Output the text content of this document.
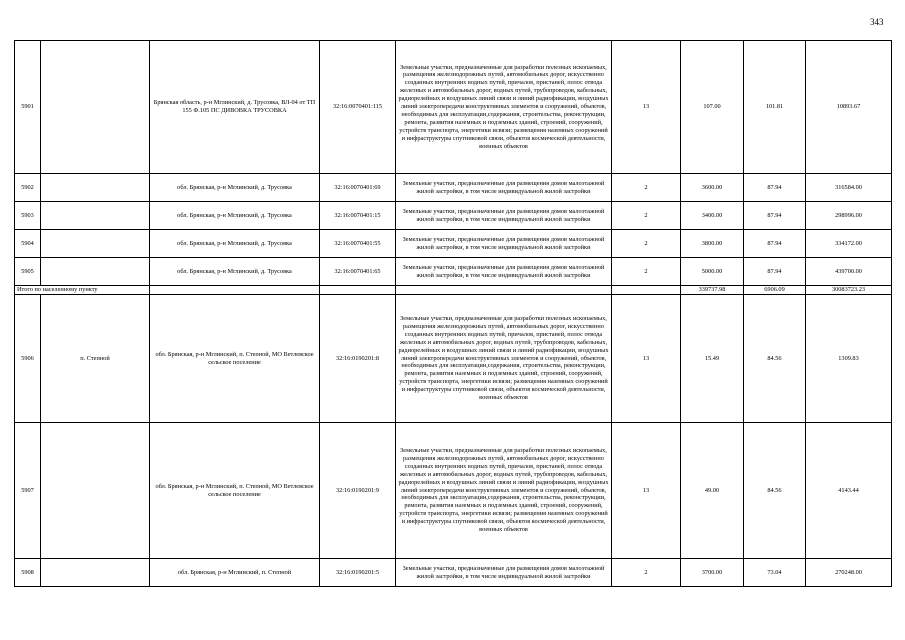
343
5901		Брянская область, р-н Мглинский, д. Трусовка, ВЛ-04 от ТП 155 Ф.105 ПС ДИВОВКА ТРУСОВКА	32:16:0070401:115	Земельные участки, предназначенные для разработки полезных ископаемых, размещения железнодорожных путей, автомобильных дорог, искусственно созданных внутренних водных путей, причалов, пристаней, полос отвода железных и автомобильных дорог, водных путей, трубопроводов, кабельных, радиорелейных и воздушных линий связи и линий радиофикации, воздушных линий электропередачи конструктивных элементов и сооружений, объектов, необходимых для эксплуатации,содержания, строительства, реконструкции, ремонта, развития наземных и подземных зданий, строений, сооружений, устройств транспорта, энергетики исвязи; размещения наземных сооружений и инфраструктуры спутниковой связи, объектов космической деятельности, военных объектов	13	107.00	101.81	10893.67
5902		обл. Брянская, р-н Мглинский, д. Трусовка	32:16:0070401:69	Земельные участки, предназначенные для размещения домов малоэтажной жилой застройки, в том числе индивидуальной жилой застройки	2	3600.00	87.94	316584.00
5903		обл. Брянская, р-н Мглинский, д. Трусовка	32:16:0070401:15	Земельные участки, предназначенные для размещения домов малоэтажной жилой застройки, в том числе индивидуальной жилой застройки	2	3400.00	87.94	298996.00
5904		обл. Брянская, р-н Мглинский, д. Трусовка	32:16:0070401:55	Земельные участки, предназначенные для размещения домов малоэтажной жилой застройки, в том числе индивидуальной жилой застройки	2	3800.00	87.94	334172.00
5905		обл. Брянская, р-н Мглинский, д. Трусовка	32:16:0070401:65	Земельные участки, предназначенные для размещения домов малоэтажной жилой застройки, в том числе индивидуальной жилой застройки	2	5000.00	87.94	439700.00
Итого по населенному пункту						339737.98	6906.09	30083723.23
5906	п. Степной	обл. Брянская, р-н Мглинский, п. Степной, МО Ветлевское сельское поселение	32:16:0190201:8	Земельные участки, предназначенные для разработки полезных ископаемых, размещения железнодорожных путей, автомобильных дорог, искусственно созданных внутренних водных путей, причалов, пристаней, полос отвода железных и автомобильных дорог, водных путей, трубопроводов, кабельных, радиорелейных и воздушных линий связи и линий радиофикации, воздушных линий электропередачи конструктивных элементов и сооружений, объектов, необходимых для эксплуатации,содержания, строительства, реконструкции, ремонта, развития наземных и подземных зданий, строений, сооружений, устройств транспорта, энергетики исвязи; размещения наземных сооружений и инфраструктуры спутниковой связи, объектов космической деятельности, военных объектов	13	15.49	84.56	1309.83
5907		обл. Брянская, р-н Мглинский, п. Степной, МО Ветлевское сельское поселение	32:16:0190201:9	Земельные участки, предназначенные для разработки полезных ископаемых, размещения железнодорожных путей, автомобильных дорог, искусственно созданных внутренних водных путей, причалов, пристаней, полос отвода железных и автомобильных дорог, водных путей, трубопроводов, кабельных, радиорелейных и воздушных линий связи и линий радиофикации, воздушных линий электропередачи конструктивных элементов и сооружений, объектов, необходимых для эксплуатации,содержания, строительства, реконструкции, ремонта, развития наземных и подземных зданий, строений, сооружений, устройств транспорта, энергетики исвязи; размещения наземных сооружений и инфраструктуры спутниковой связи, объектов космической деятельности, военных объектов	13	49.00	84.56	4143.44
5908		обл. Брянская, р-н Мглинский, п. Степной	32:16:0190201:5	Земельные участки, предназначенные для размещения домов малоэтажной жилой застройки, в том числе индивидуальной жилой застройки	2	3700.00	73.04	270248.00
